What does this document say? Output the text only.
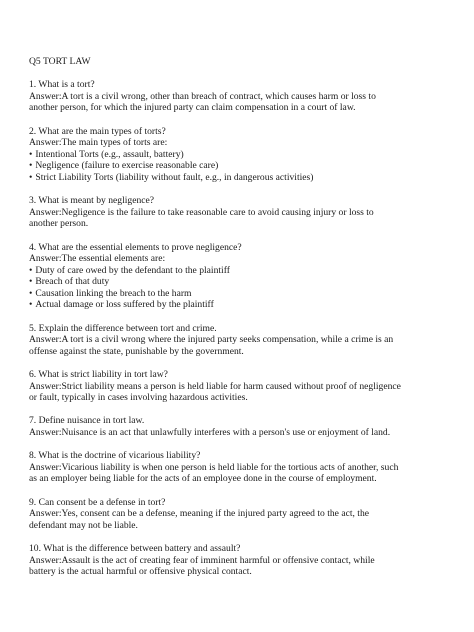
Q5 TORT LAW
1. What is a tort?
Answer:A tort is a civil wrong, other than breach of contract, which causes harm or loss to
another person, for which the injured party can claim compensation in a court of law.
2. What are the main types of torts?
Answer:The main types of torts are:
• Intentional Torts (e.g., assault, battery)
• Negligence (failure to exercise reasonable care)
• Strict Liability Torts (liability without fault, e.g., in dangerous activities)
3. What is meant by negligence?
Answer:Negligence is the failure to take reasonable care to avoid causing injury or loss to
another person.
4. What are the essential elements to prove negligence?
Answer:The essential elements are:
• Duty of care owed by the defendant to the plaintiff
• Breach of that duty
• Causation linking the breach to the harm
• Actual damage or loss suffered by the plaintiff
5. Explain the difference between tort and crime.
Answer:A tort is a civil wrong where the injured party seeks compensation, while a crime is an
offense against the state, punishable by the government.
6. What is strict liability in tort law?
Answer:Strict liability means a person is held liable for harm caused without proof of negligence
or fault, typically in cases involving hazardous activities.
7. Define nuisance in tort law.
Answer:Nuisance is an act that unlawfully interferes with a person's use or enjoyment of land.
8. What is the doctrine of vicarious liability?
Answer:Vicarious liability is when one person is held liable for the tortious acts of another, such
as an employer being liable for the acts of an employee done in the course of employment.
9. Can consent be a defense in tort?
Answer:Yes, consent can be a defense, meaning if the injured party agreed to the act, the
defendant may not be liable.
10. What is the difference between battery and assault?
Answer:Assault is the act of creating fear of imminent harmful or offensive contact, while
battery is the actual harmful or offensive physical contact.
